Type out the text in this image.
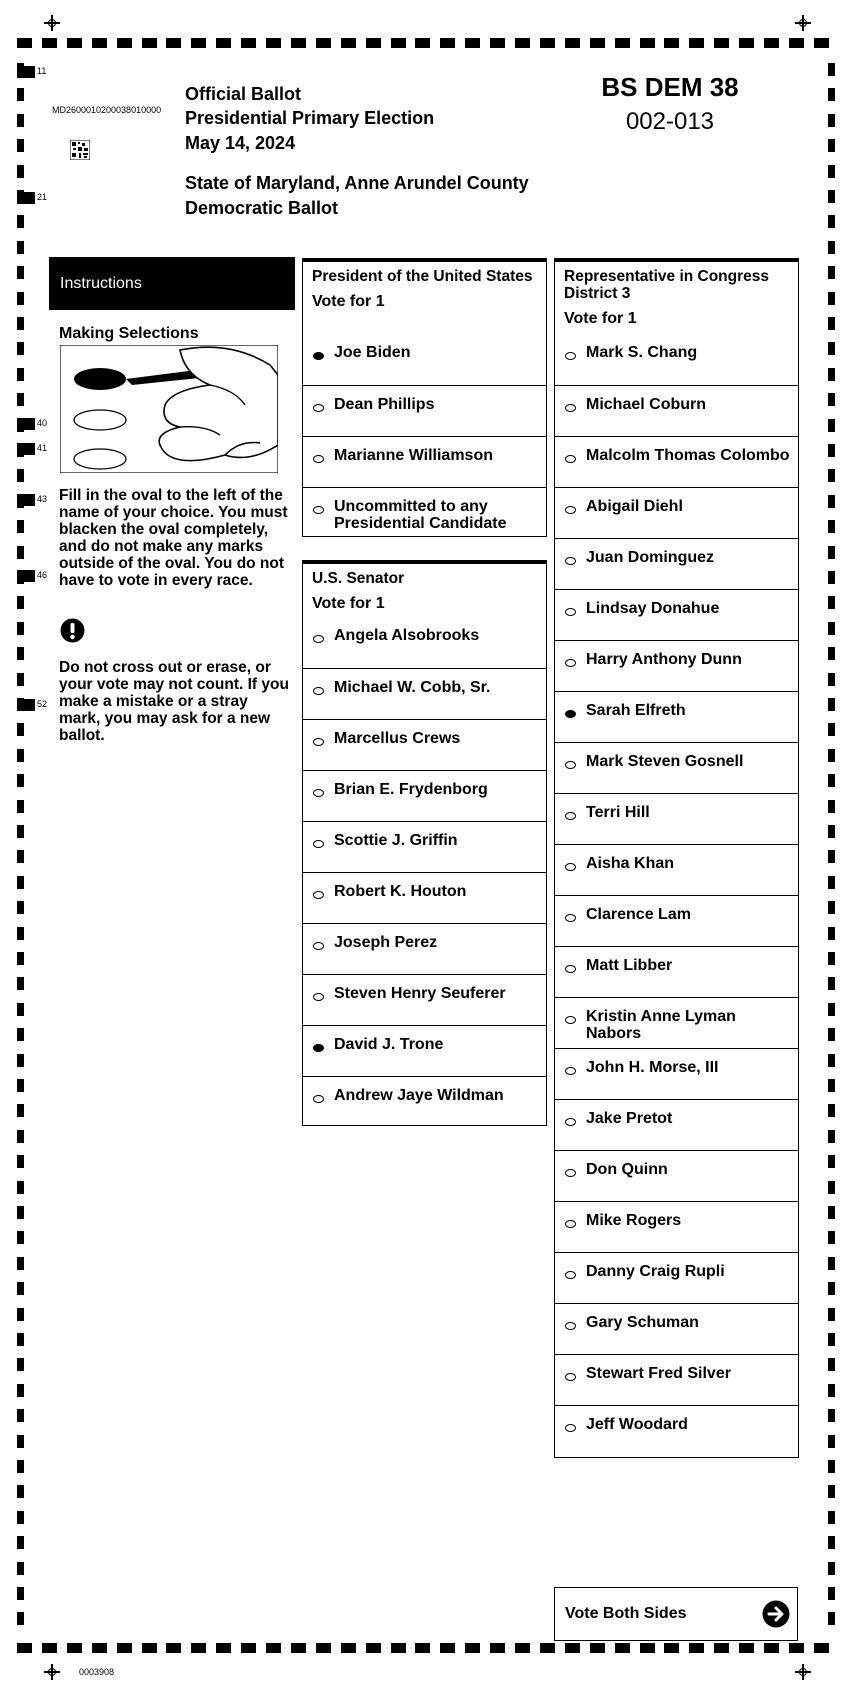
11
21
40
41
43
46
52
MD2600010200038010000
Official Ballot
Presidential Primary Election
May 14, 2024
State of Maryland, Anne Arundel County
Democratic Ballot
BS DEM 38
002-013
Instructions
Making Selections
Fill in the oval to the left of the name of your choice. You must blacken the oval completely, and do not make any marks outside of the oval. You do not have to vote in every race.
Do not cross out or erase, or your vote may not count. If you make a mistake or a stray mark, you may ask for a new ballot.
President of the United States
Vote for 1
Joe Biden
Dean Phillips
Marianne Williamson
Uncommitted to any Presidential Candidate
U.S. Senator
Vote for 1
Angela Alsobrooks
Michael W. Cobb, Sr.
Marcellus Crews
Brian E. Frydenborg
Scottie J. Griffin
Robert K. Houton
Joseph Perez
Steven Henry Seuferer
David J. Trone
Andrew Jaye Wildman
Representative in Congress District 3
Vote for 1
Mark S. Chang
Michael Coburn
Malcolm Thomas Colombo
Abigail Diehl
Juan Dominguez
Lindsay Donahue
Harry Anthony Dunn
Sarah Elfreth
Mark Steven Gosnell
Terri Hill
Aisha Khan
Clarence Lam
Matt Libber
Kristin Anne Lyman Nabors
John H. Morse, III
Jake Pretot
Don Quinn
Mike Rogers
Danny Craig Rupli
Gary Schuman
Stewart Fred Silver
Jeff Woodard
Vote Both Sides
0003908
